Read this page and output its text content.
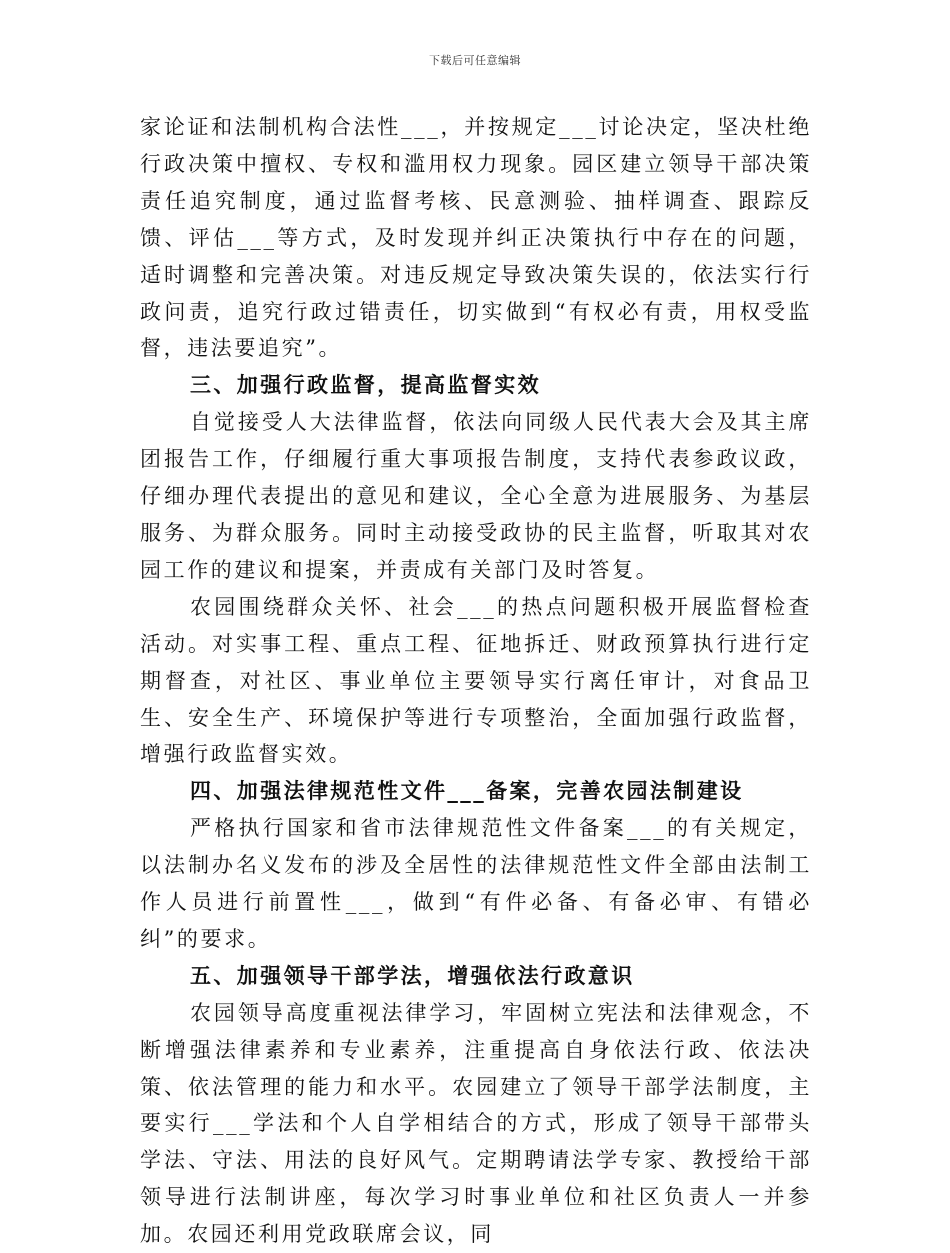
下载后可任意编辑

家论证和法制机构合法性___，并按规定___讨论决定，坚决杜绝行政决策中擅权、专权和滥用权力现象。园区建立领导干部决策责任追究制度，通过监督考核、民意测验、抽样调查、跟踪反馈、评估___等方式，及时发现并纠正决策执行中存在的问题，适时调整和完善决策。对违反规定导致决策失误的，依法实行行政问责，追究行政过错责任，切实做到“有权必有责，用权受监督，违法要追究”。

三、加强行政监督，提高监督实效

自觉接受人大法律监督，依法向同级人民代表大会及其主席团报告工作，仔细履行重大事项报告制度，支持代表参政议政，仔细办理代表提出的意见和建议，全心全意为进展服务、为基层服务、为群众服务。同时主动接受政协的民主监督，听取其对农园工作的建议和提案，并责成有关部门及时答复。

农园围绕群众关怀、社会___的热点问题积极开展监督检查活动。对实事工程、重点工程、征地拆迁、财政预算执行进行定期督查，对社区、事业单位主要领导实行离任审计，对食品卫生、安全生产、环境保护等进行专项整治，全面加强行政监督，增强行政监督实效。

四、加强法律规范性文件___备案，完善农园法制建设

严格执行国家和省市法律规范性文件备案___的有关规定，以法制办名义发布的涉及全居性的法律规范性文件全部由法制工作人员进行前置性___，做到“有件必备、有备必审、有错必纠”的要求。

五、加强领导干部学法，增强依法行政意识

农园领导高度重视法律学习，牢固树立宪法和法律观念，不断增强法律素养和专业素养，注重提高自身依法行政、依法决策、依法管理的能力和水平。农园建立了领导干部学法制度，主要实行___学法和个人自学相结合的方式，形成了领导干部带头学法、守法、用法的良好风气。定期聘请法学专家、教授给干部领导进行法制讲座，每次学习时事业单位和社区负责人一并参加。农园还利用党政联席会议，同
